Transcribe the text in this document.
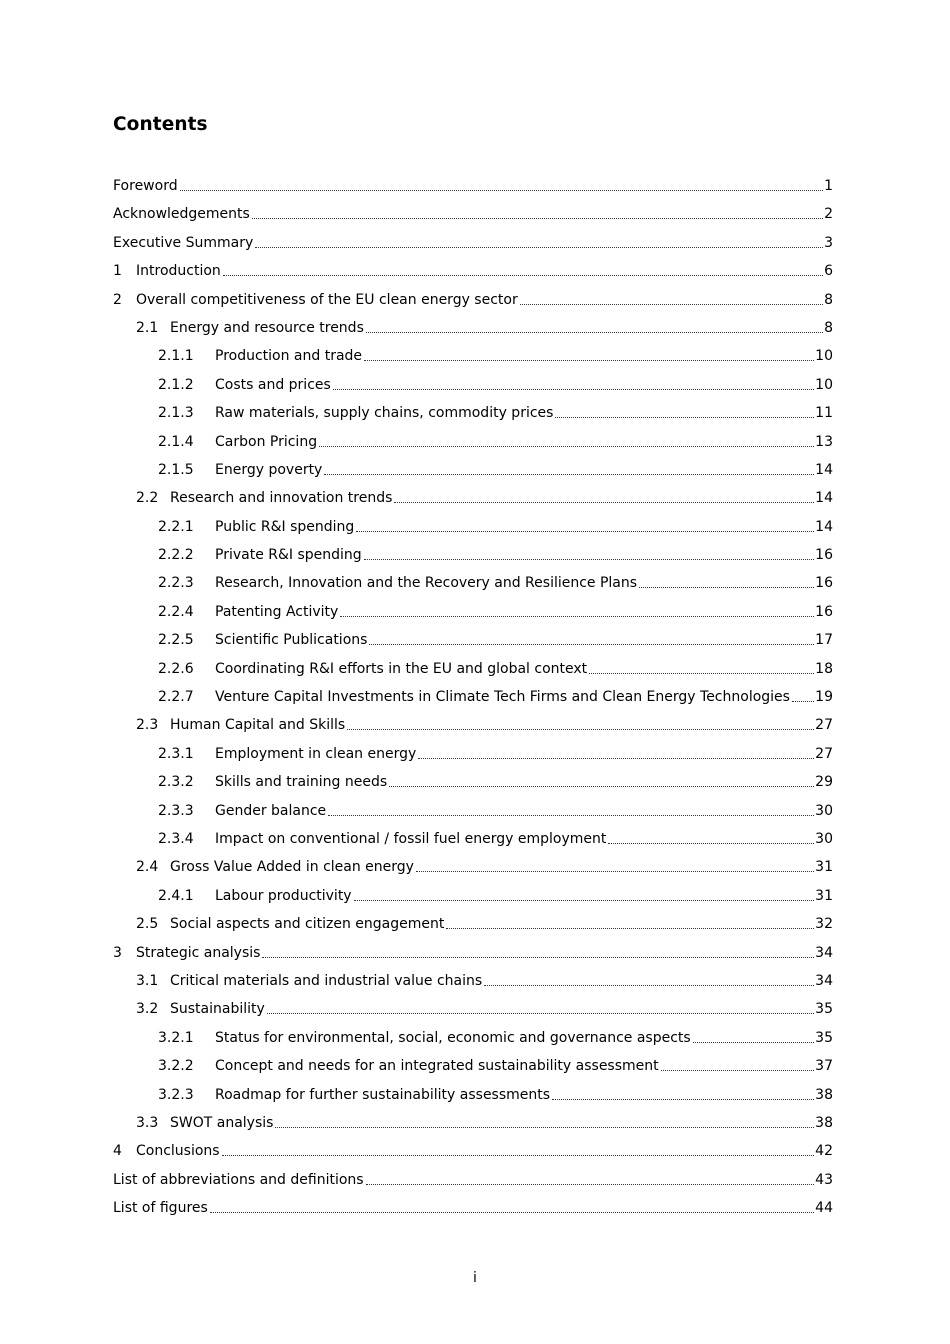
Contents
Foreword	1
Acknowledgements	2
Executive Summary	3
1	Introduction	6
2	Overall competitiveness of the EU clean energy sector	8
2.1 Energy and resource trends	8
2.1.1	Production and trade	10
2.1.2	Costs and prices	10
2.1.3	Raw materials, supply chains, commodity prices	11
2.1.4	Carbon Pricing	13
2.1.5	Energy poverty	14
2.2 Research and innovation trends	14
2.2.1	Public R&I spending	14
2.2.2	Private R&I spending	16
2.2.3	Research, Innovation and the Recovery and Resilience Plans	16
2.2.4	Patenting Activity	16
2.2.5	Scientific Publications	17
2.2.6	Coordinating R&I efforts in the EU and global context	18
2.2.7	Venture Capital Investments in Climate Tech Firms and Clean Energy Technologies 19
2.3 Human Capital and Skills	27
2.3.1	Employment in clean energy	27
2.3.2	Skills and training needs	29
2.3.3	Gender balance	30
2.3.4	Impact on conventional / fossil fuel energy employment	30
2.4 Gross Value Added in clean energy	31
2.4.1	Labour productivity	31
2.5 Social aspects and citizen engagement	32
3	Strategic analysis	34
3.1 Critical materials and industrial value chains	34
3.2 Sustainability	35
3.2.1	Status for environmental, social, economic and governance aspects	35
3.2.2	Concept and needs for an integrated sustainability assessment	37
3.2.3	Roadmap for further sustainability assessments	38
3.3 SWOT analysis	38
4	Conclusions	42
List of abbreviations and definitions	43
List of figures	44
i
